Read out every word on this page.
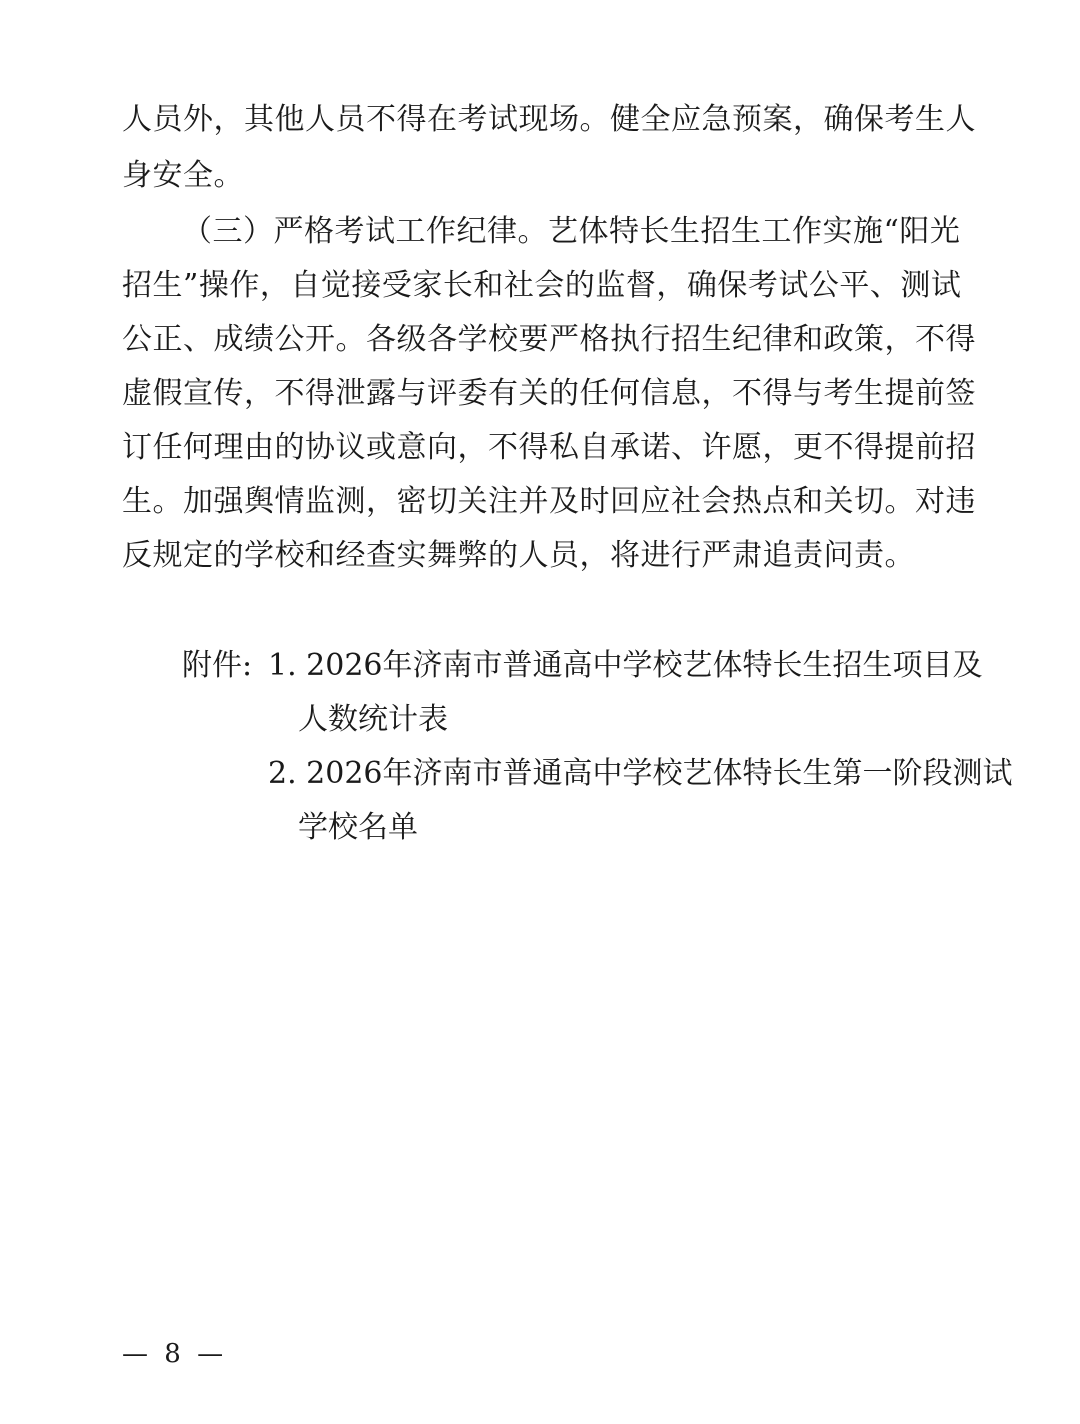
人员外，其他人员不得在考试现场。健全应急预案，确保考生人
身安全。
（三）严格考试工作纪律。艺体特长生招生工作实施“阳光
招生”操作，自觉接受家长和社会的监督，确保考试公平、测试
公正、成绩公开。各级各学校要严格执行招生纪律和政策，不得
虚假宣传，不得泄露与评委有关的任何信息，不得与考生提前签
订任何理由的协议或意向，不得私自承诺、许愿，更不得提前招
生。加强舆情监测，密切关注并及时回应社会热点和关切。对违
反规定的学校和经查实舞弊的人员，将进行严肃追责问责。
附件: 1. 2026年济南市普通高中学校艺体特长生招生项目及
人数统计表
2. 2026年济南市普通高中学校艺体特长生第一阶段测试
学校名单
— 8 —
